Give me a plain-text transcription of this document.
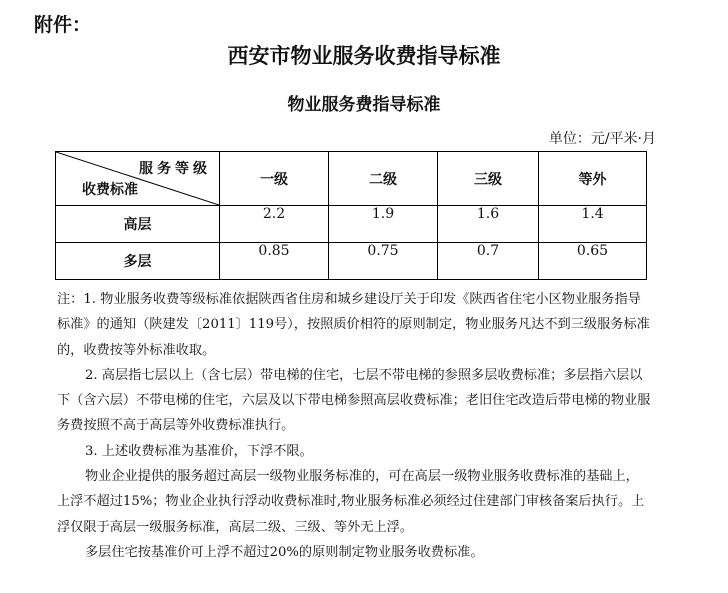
附件：
西安市物业服务收费指导标准
物业服务费指导标准
单位：元/平米·月
服务等级
收费标准	一级	二级	三级	等外
高层	2.2	1.9	1.6	1.4
多层	0.85	0.75	0.7	0.65

注：1. 物业服务收费等级标准依据陕西省住房和城乡建设厅关于印发《陕西省住宅小区物业服务指导标准》的通知（陕建发〔2011〕119号），按照质价相符的原则制定，物业服务凡达不到三级服务标准的，收费按等外标准收取。

2. 高层指七层以上（含七层）带电梯的住宅，七层不带电梯的参照多层收费标准；多层指六层以下（含六层）不带电梯的住宅，六层及以下带电梯参照高层收费标准；老旧住宅改造后带电梯的物业服务费按照不高于高层等外收费标准执行。

3. 上述收费标准为基准价，下浮不限。

物业企业提供的服务超过高层一级物业服务标准的，可在高层一级物业服务收费标准的基础上，上浮不超过15%；物业企业执行浮动收费标准时,物业服务标准必须经过住建部门审核备案后执行。上浮仅限于高层一级服务标准，高层二级、三级、等外无上浮。

多层住宅按基准价可上浮不超过20%的原则制定物业服务收费标准。
